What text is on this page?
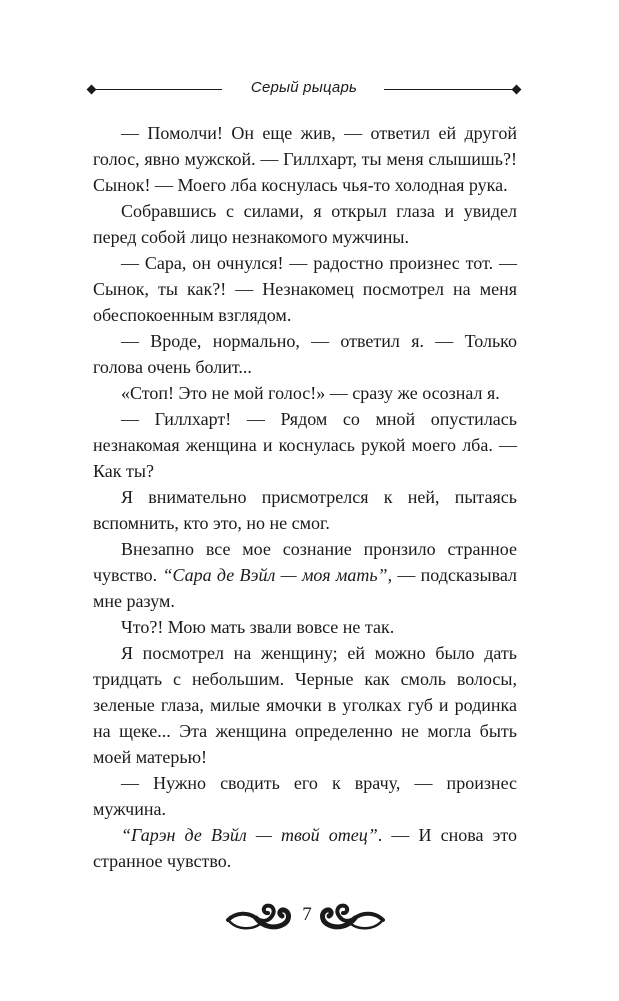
Серый рыцарь

— Помолчи! Он еще жив, — ответил ей другой голос, явно мужской. — Гиллхарт, ты меня слышишь?! Сынок! — Моего лба коснулась чья-то холодная рука.

Собравшись с силами, я открыл глаза и увидел перед собой лицо незнакомого мужчины.

— Сара, он очнулся! — радостно произнес тот. — Сынок, ты как?! — Незнакомец посмотрел на меня обеспокоенным взглядом.

— Вроде, нормально, — ответил я. — Только голова очень болит...

«Стоп! Это не мой голос!» — сразу же осознал я.

— Гиллхарт! — Рядом со мной опустилась незнакомая женщина и коснулась рукой моего лба. — Как ты?

Я внимательно присмотрелся к ней, пытаясь вспомнить, кто это, но не смог.

Внезапно все мое сознание пронзило странное чувство. “Сара де Вэйл — моя мать”, — подсказывал мне разум.

Что?! Мою мать звали вовсе не так.

Я посмотрел на женщину; ей можно было дать тридцать с небольшим. Черные как смоль волосы, зеленые глаза, милые ямочки в уголках губ и родинка на щеке... Эта женщина определенно не могла быть моей матерью!

— Нужно сводить его к врачу, — произнес мужчина.

“Гарэн де Вэйл — твой отец”. — И снова это странное чувство.

7
